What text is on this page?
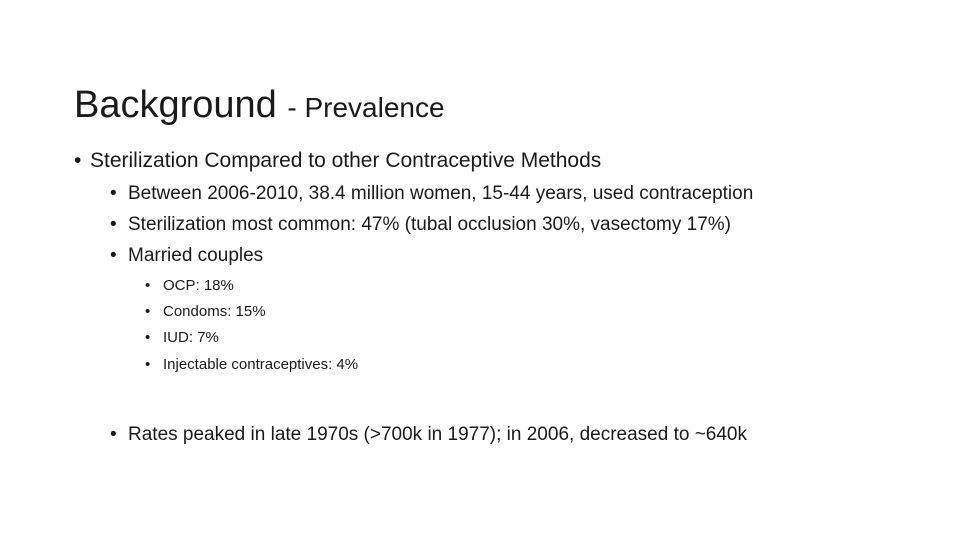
Background - Prevalence
• Sterilization Compared to other Contraceptive Methods
• Between 2006-2010, 38.4 million women, 15-44 years, used contraception
• Sterilization most common: 47% (tubal occlusion 30%, vasectomy 17%)
• Married couples
• OCP: 18%
• Condoms: 15%
• IUD: 7%
• Injectable contraceptives: 4%
• Rates peaked in late 1970s (>700k in 1977); in 2006, decreased to ~640k
